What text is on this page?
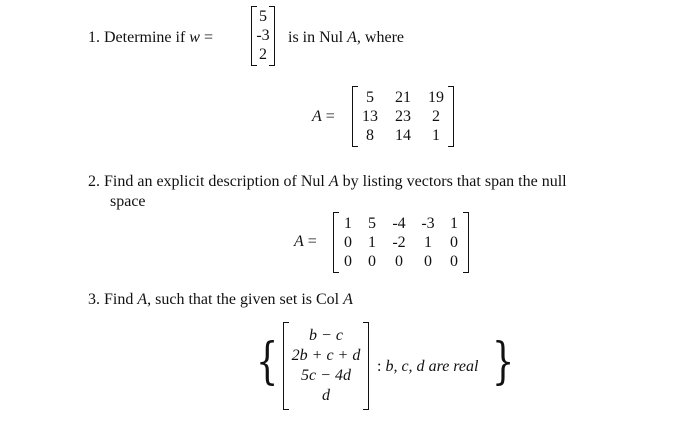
1. Determine if w =
5
-3
2
is in Nul A, where
A =
5 21 19
13 23 2
8 14 1
2. Find an explicit description of Nul A by listing vectors that span the null
space
A =
1 5 -4 -3 1
0 1 -2 1 0
0 0 0 0 0
3. Find A, such that the given set is Col A
{ b − c
2b + c + d
5c − 4d
d
: b, c, d are real }
